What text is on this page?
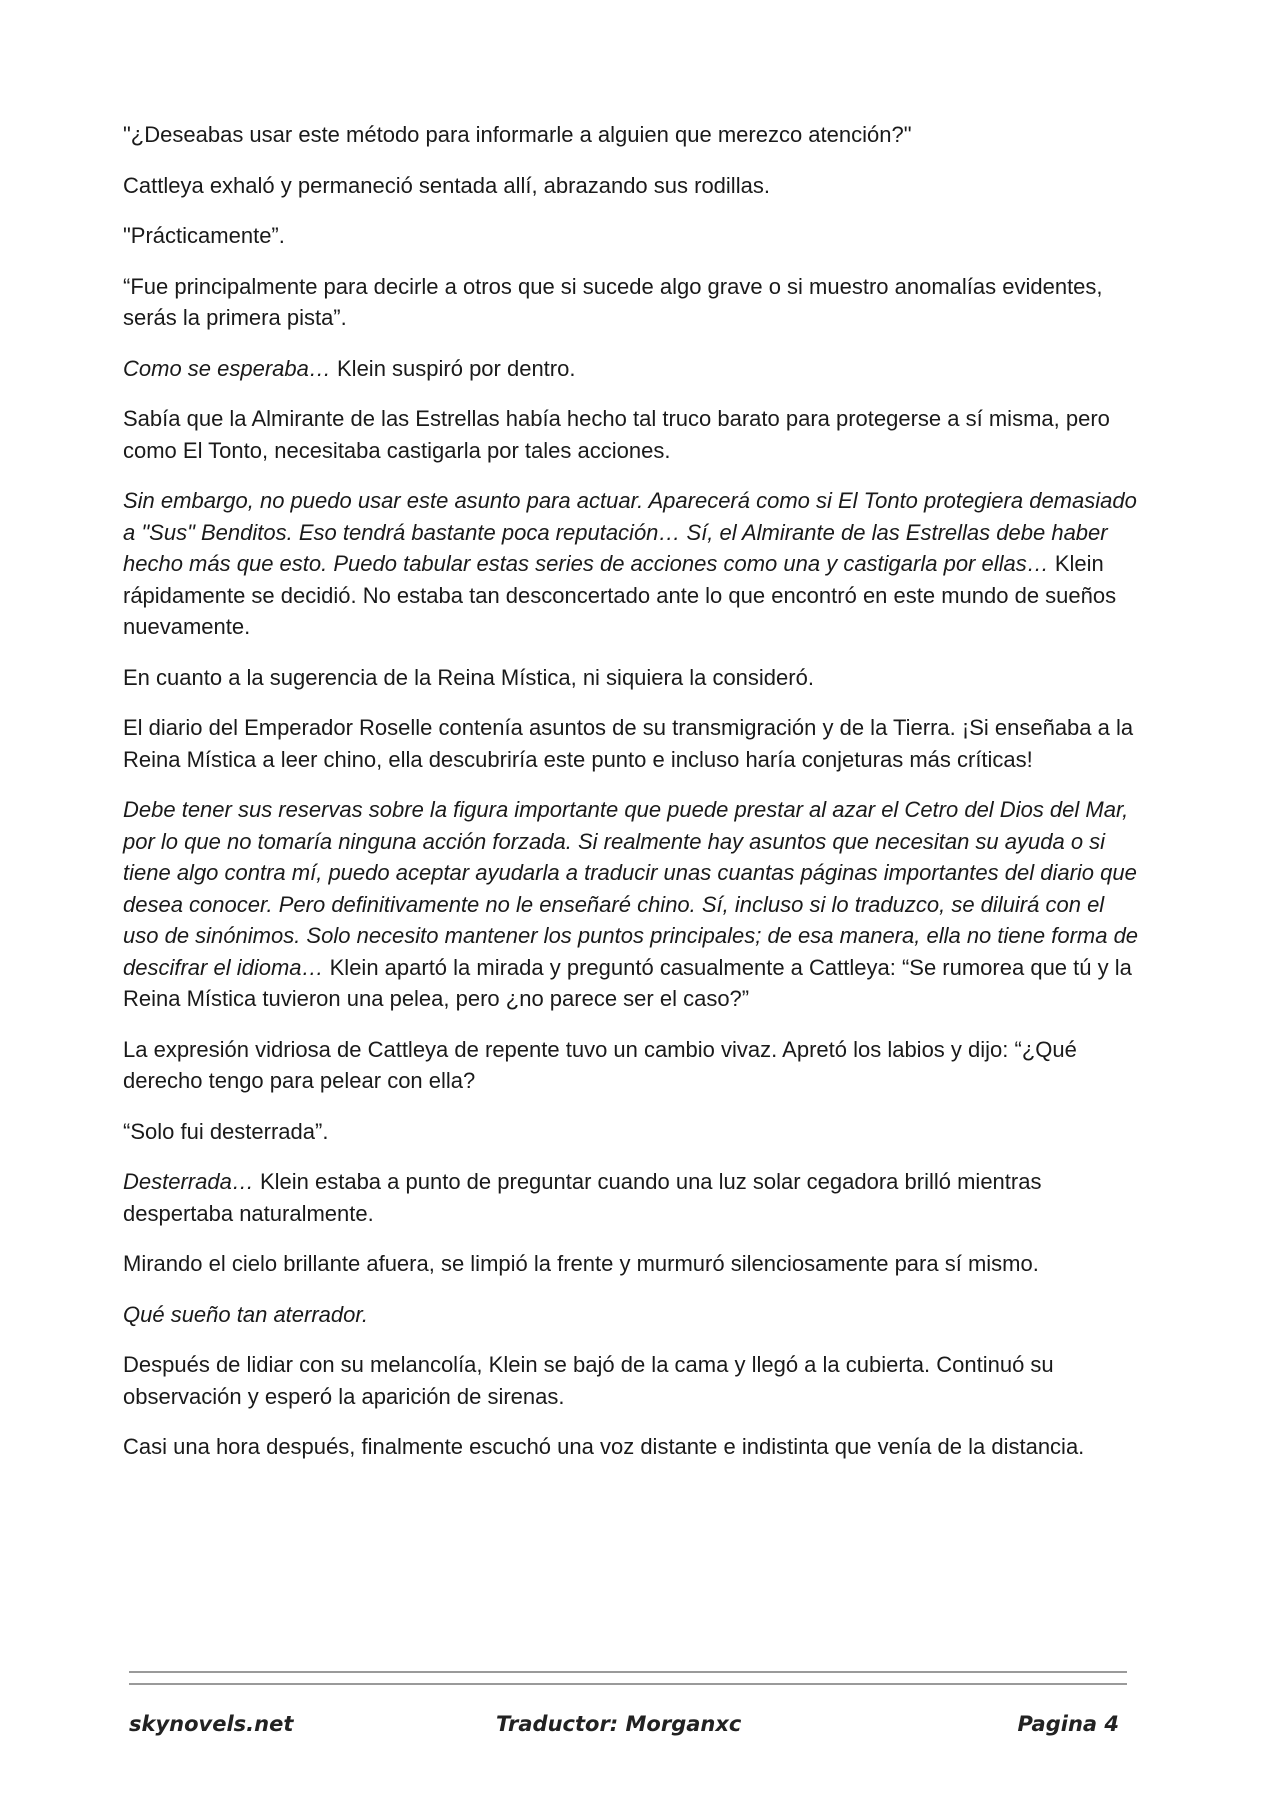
"¿Deseabas usar este método para informarle a alguien que merezco atención?"

Cattleya exhaló y permaneció sentada allí, abrazando sus rodillas.

"Prácticamente”.

“Fue principalmente para decirle a otros que si sucede algo grave o si muestro anomalías evidentes, serás la primera pista”.

Como se esperaba… Klein suspiró por dentro.

Sabía que la Almirante de las Estrellas había hecho tal truco barato para protegerse a sí misma, pero como El Tonto, necesitaba castigarla por tales acciones.

Sin embargo, no puedo usar este asunto para actuar. Aparecerá como si El Tonto protegiera demasiado a "Sus" Benditos. Eso tendrá bastante poca reputación… Sí, el Almirante de las Estrellas debe haber hecho más que esto. Puedo tabular estas series de acciones como una y castigarla por ellas… Klein rápidamente se decidió. No estaba tan desconcertado ante lo que encontró en este mundo de sueños nuevamente.

En cuanto a la sugerencia de la Reina Mística, ni siquiera la consideró.

El diario del Emperador Roselle contenía asuntos de su transmigración y de la Tierra. ¡Si enseñaba a la Reina Mística a leer chino, ella descubriría este punto e incluso haría conjeturas más críticas!

Debe tener sus reservas sobre la figura importante que puede prestar al azar el Cetro del Dios del Mar, por lo que no tomaría ninguna acción forzada. Si realmente hay asuntos que necesitan su ayuda o si tiene algo contra mí, puedo aceptar ayudarla a traducir unas cuantas páginas importantes del diario que desea conocer. Pero definitivamente no le enseñaré chino. Sí, incluso si lo traduzco, se diluirá con el uso de sinónimos. Solo necesito mantener los puntos principales; de esa manera, ella no tiene forma de descifrar el idioma… Klein apartó la mirada y preguntó casualmente a Cattleya: “Se rumorea que tú y la Reina Mística tuvieron una pelea, pero ¿no parece ser el caso?”

La expresión vidriosa de Cattleya de repente tuvo un cambio vivaz. Apretó los labios y dijo: “¿Qué derecho tengo para pelear con ella?

“Solo fui desterrada”.

Desterrada… Klein estaba a punto de preguntar cuando una luz solar cegadora brilló mientras despertaba naturalmente.

Mirando el cielo brillante afuera, se limpió la frente y murmuró silenciosamente para sí mismo.

Qué sueño tan aterrador.

Después de lidiar con su melancolía, Klein se bajó de la cama y llegó a la cubierta. Continuó su observación y esperó la aparición de sirenas.

Casi una hora después, finalmente escuchó una voz distante e indistinta que venía de la distancia.

skynovels.net	Traductor: Morganxc	Pagina 4
